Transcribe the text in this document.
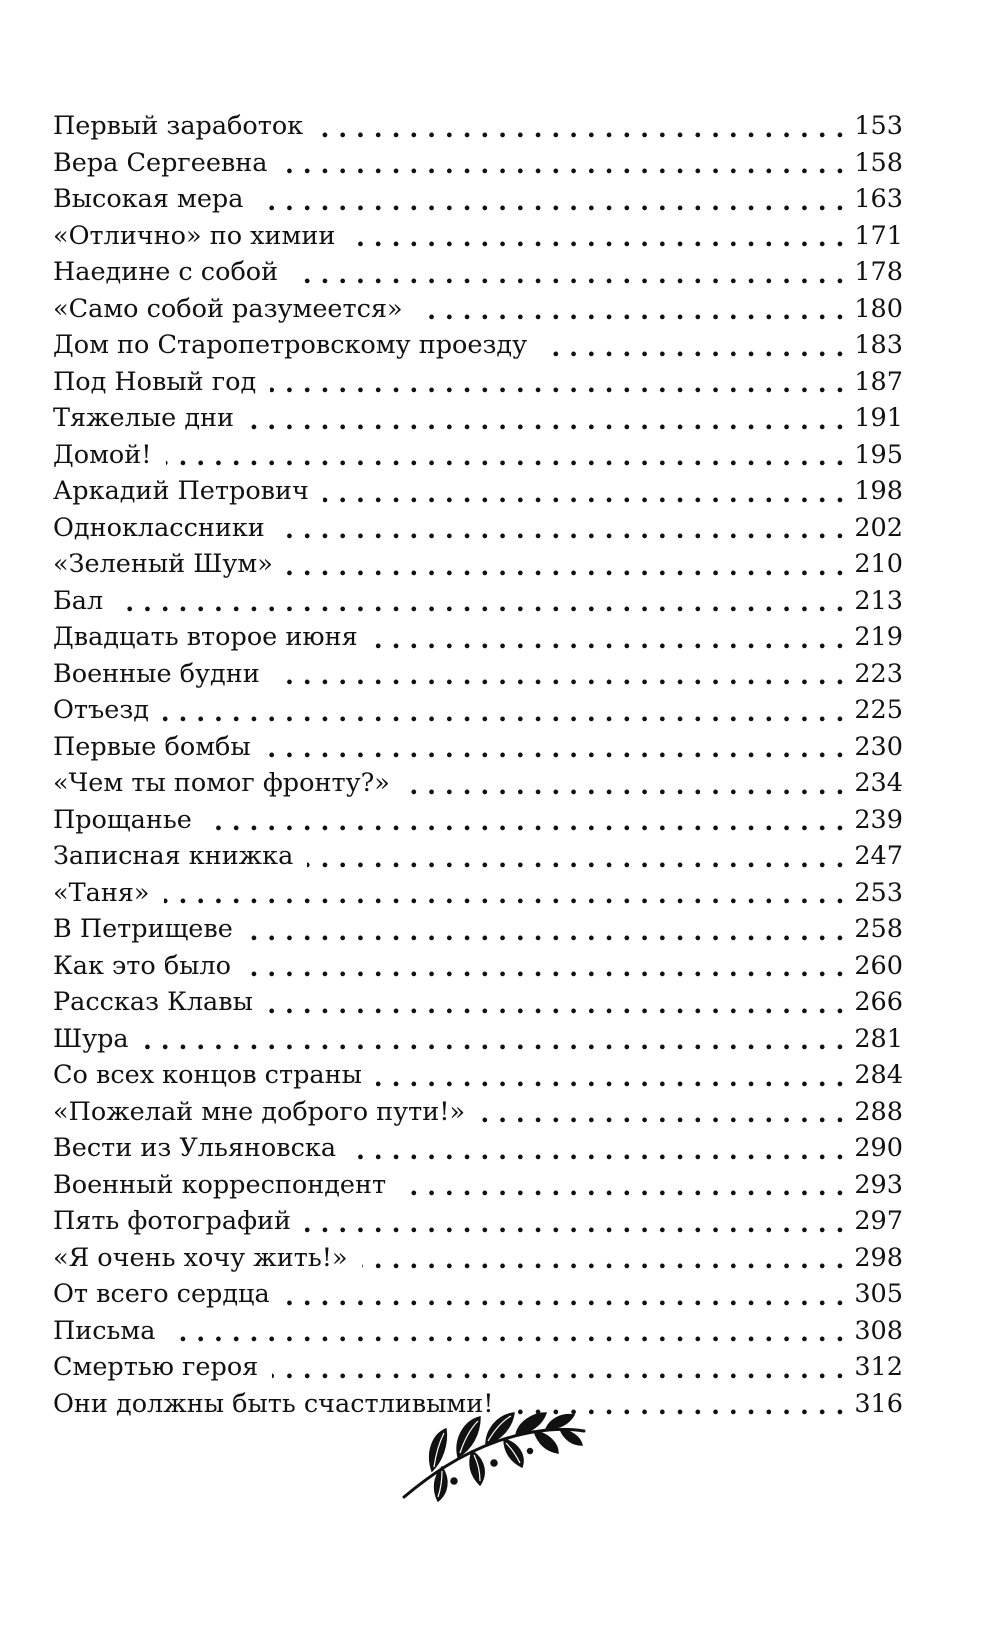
Первый заработок . . .	153
Вера Сергеевна . . .	158
Высокая мера . . .	163
«Отлично» по химии . . .	171
Наедине с собой . . .	178
«Само собой разумеется» . . .	180
Дом по Старопетровскому проезду . . .	183
Под Новый год . . .	187
Тяжелые дни . . .	191
Домой! . . .	195
Аркадий Петрович . . .	198
Одноклассники . . .	202
«Зеленый Шум» . . .	210
Бал . . .	213
Двадцать второе июня . . .	219
Военные будни . . .	223
Отъезд . . .	225
Первые бомбы . . .	230
«Чем ты помог фронту?» . . .	234
Прощанье . . .	239
Записная книжка . . .	247
«Таня» . . .	253
В Петрищеве . . .	258
Как это было . . .	260
Рассказ Клавы . . .	266
Шура . . .	281
Со всех концов страны . . .	284
«Пожелай мне доброго пути!» . . .	288
Вести из Ульяновска . . .	290
Военный корреспондент . . .	293
Пять фотографий . . .	297
«Я очень хочу жить!» . . .	298
От всего сердца . . .	305
Письма . . .	308
Смертью героя . . .	312
Они должны быть счастливыми! . . .	316
